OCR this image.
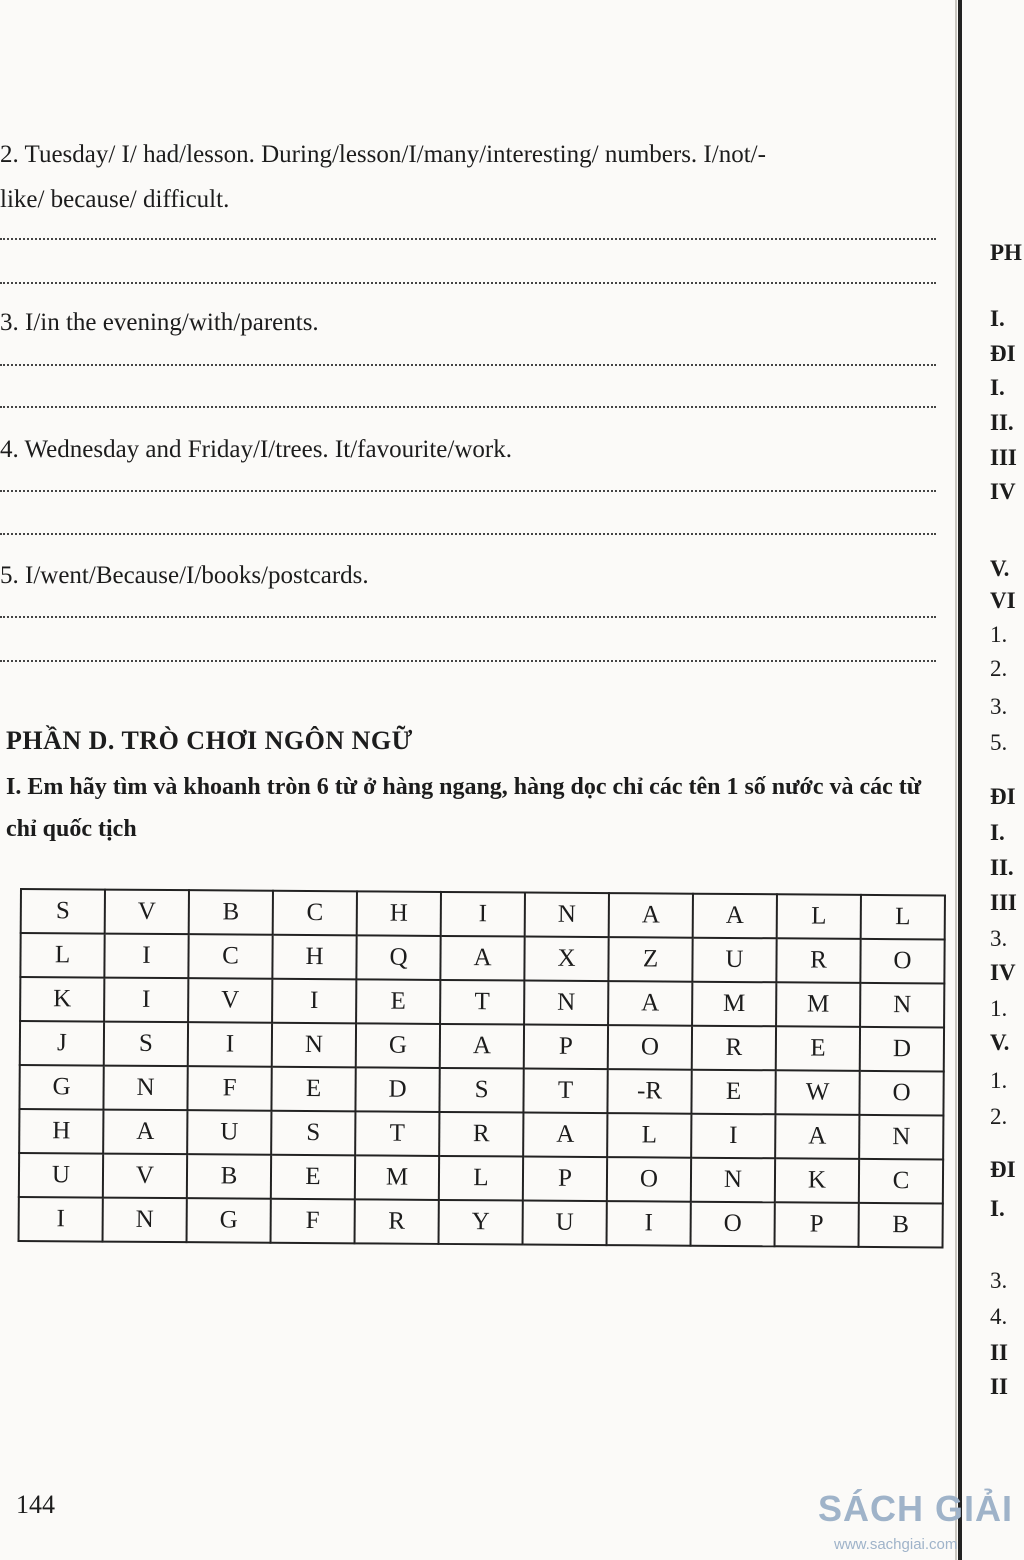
2. Tuesday/ I/ had/lesson. During/lesson/I/many/interesting/ numbers. I/not/-
like/ because/ difficult.
3. I/in the evening/with/parents.
4. Wednesday and Friday/I/trees. It/favourite/work.
5. I/went/Because/I/books/postcards.
PHẦN D. TRÒ CHƠI NGÔN NGỮ
I. Em hãy tìm và khoanh tròn 6 từ ở hàng ngang, hàng dọc chỉ các tên 1 số nước và các từ chỉ quốc tịch
S	V	B	C	H	I	N	A	A	L	L
L	I	C	H	Q	A	X	Z	U	R	O
K	I	V	I	E	T	N	A	M	M	N
J	S	I	N	G	A	P	O	R	E	D
G	N	F	E	D	S	T	-R	E	W	O
H	A	U	S	T	R	A	L	I	A	N
U	V	B	E	M	L	P	O	N	K	C
I	N	G	F	R	Y	U	I	O	P	B
144
PH
I.
ĐI
I.
II.
III
IV
V.
VI
1.
2.
3.
5.
ĐI
I.
II.
III
3.
IV
1.
V.
1.
2.
ĐI
I.
3.
4.
II
II
SÁCH GIẢI
www.sachgiai.com
